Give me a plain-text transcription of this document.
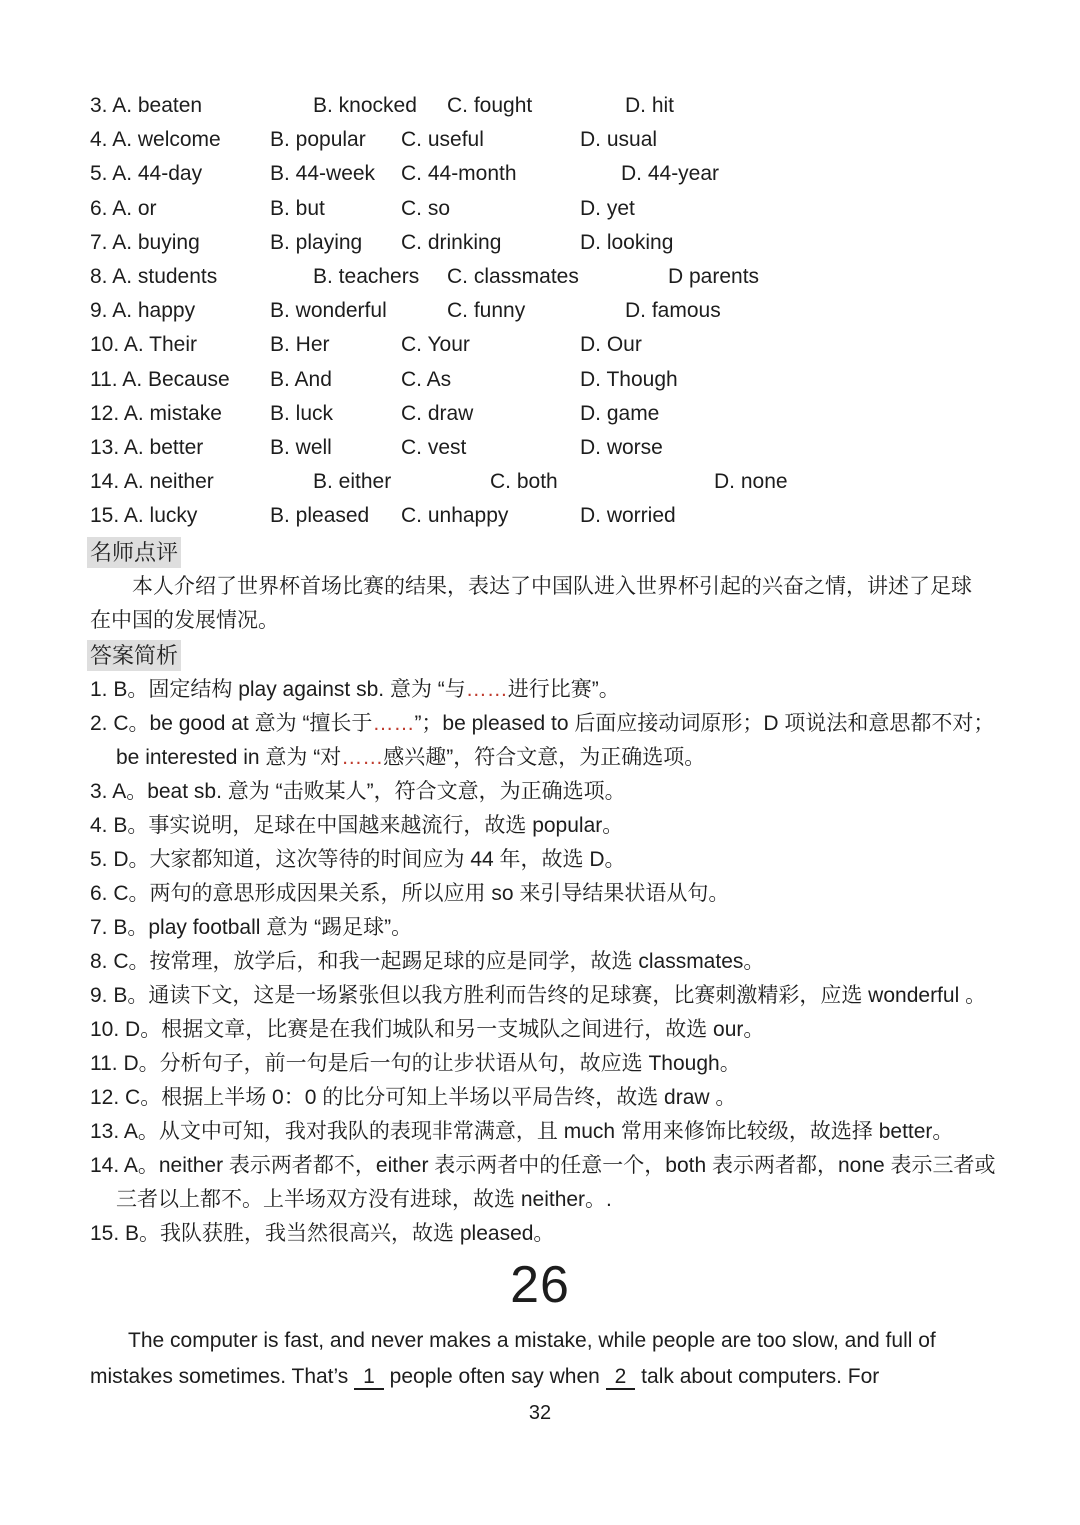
3. A. beaten	B. knocked C. fought	D. hit
4. A. welcome B. popular C. useful	D. usual
5. A. 44-day	B. 44-week C. 44-month	D. 44-year
6. A. or	B. but	C. so	D. yet
7. A. buying	B. playing C. drinking	D. looking
8. A. students	B. teachers C. classmates	D parents
9. A. happy	B. wonderful	C. funny	D. famous
10. A. Their	B. Her	C. Your	D. Our
11. A. Because B. And	C. As	D. Though
12. A. mistake B. luck	C. draw	D. game
13. A. better	B. well	C. vest	D. worse
14. A. neither	B. either	C. both	D. none
15. A. lucky	B. pleased C. unhappy	D. worried
名师点评

本人介绍了世界杯首场比赛的结果，表达了中国队进入世界杯引起的兴奋之情，讲述了足球在中国的发展情况。

答案简析
1. B。固定结构 play against sb. 意为 “与……进行比赛”。
2. C。be good at 意为 “擅长于……”；be pleased to 后面应接动词原形；D 项说法和意思都不对；be interested in 意为 “对……感兴趣”，符合文意，为正确选项。
3. A。beat sb. 意为 “击败某人”，符合文意，为正确选项。
4. B。事实说明，足球在中国越来越流行，故选 popular。
5. D。大家都知道，这次等待的时间应为 44 年，故选 D。
6. C。两句的意思形成因果关系，所以应用 so 来引导结果状语从句。
7. B。play football 意为 “踢足球”。
8. C。按常理，放学后，和我一起踢足球的应是同学，故选 classmates。
9. B。通读下文，这是一场紧张但以我方胜利而告终的足球赛，比赛刺激精彩，应选 wonderful 。
10. D。根据文章，比赛是在我们城队和另一支城队之间进行，故选 our。
11. D。分析句子，前一句是后一句的让步状语从句，故应选 Though。
12. C。根据上半场 0：0 的比分可知上半场以平局告终，故选 draw 。
13. A。从文中可知，我对我队的表现非常满意，且 much 常用来修饰比较级，故选择 better。
14. A。neither 表示两者都不，either 表示两者中的任意一个，both 表示两者都，none 表示三者或三者以上都不。上半场双方没有进球，故选 neither。.
15. B。我队获胜，我当然很高兴，故选 pleased。
26

The computer is fast, and never makes a mistake, while people are too slow, and full of mistakes sometimes. That’s 1 people often say when 2 talk about computers. For

32
